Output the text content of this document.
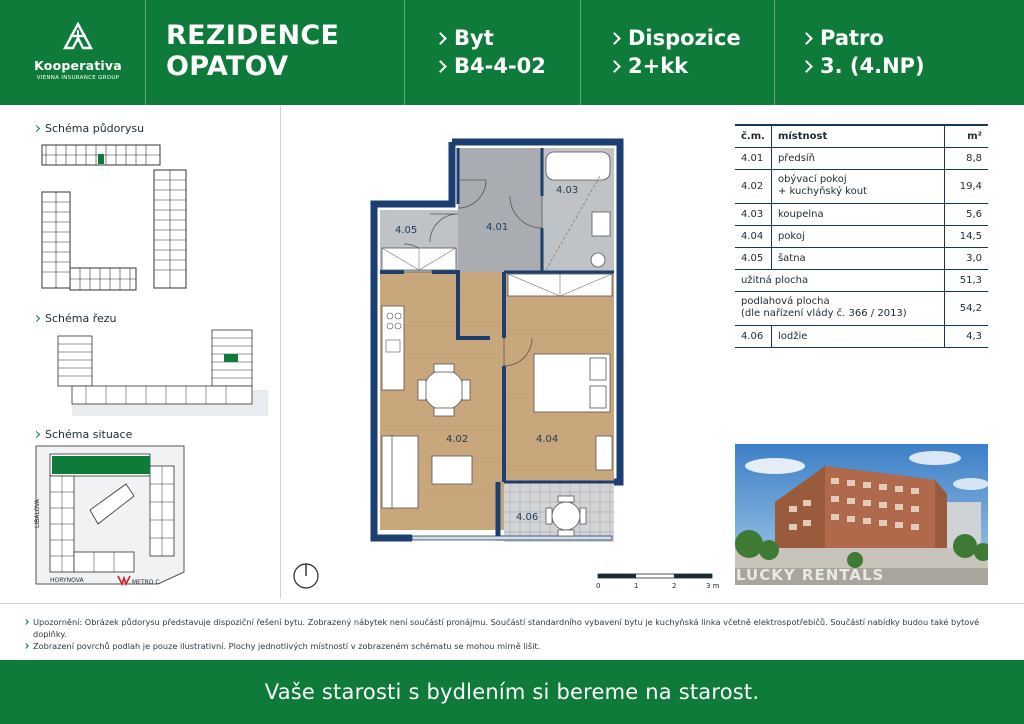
Kooperativa
VIENNA INSURANCE GROUP
REZIDENCE
OPATOV
Byt
B4-4-02
Dispozice
2+kk
Patro
3. (4.NP)
Schéma půdorysu
Schéma řezu
Schéma situace
LIBALOVA
HORYNOVA	METRO C
4.01
4.02
4.03
4.04
4.05
4.06
0	1	2	3 m
č.m.	místnost	m²
4.01	předsíň	8,8
4.02	obývací pokoj
+ kuchyňský kout	19,4
4.03	koupelna	5,6
4.04	pokoj	14,5
4.05	šatna	3,0
užitná plocha		51,3

podlahová plocha
(dle nařízení vlády č. 366 / 2013)		54,2
4.06	lodžie	4,3
LUCKY RENTALS
Upozornění: Obrázek půdorysu představuje dispoziční řešení bytu. Zobrazený nábytek není součástí pronájmu. Součástí standardního vybavení bytu je kuchyňská linka včetně elektrospotřebičů. Součástí nabídky budou také bytové doplňky.
Zobrazení povrchů podlah je pouze ilustrativní. Plochy jednotlivých místností v zobrazeném schématu se mohou mírně lišit.
Vaše starosti s bydlením si bereme na starost.
